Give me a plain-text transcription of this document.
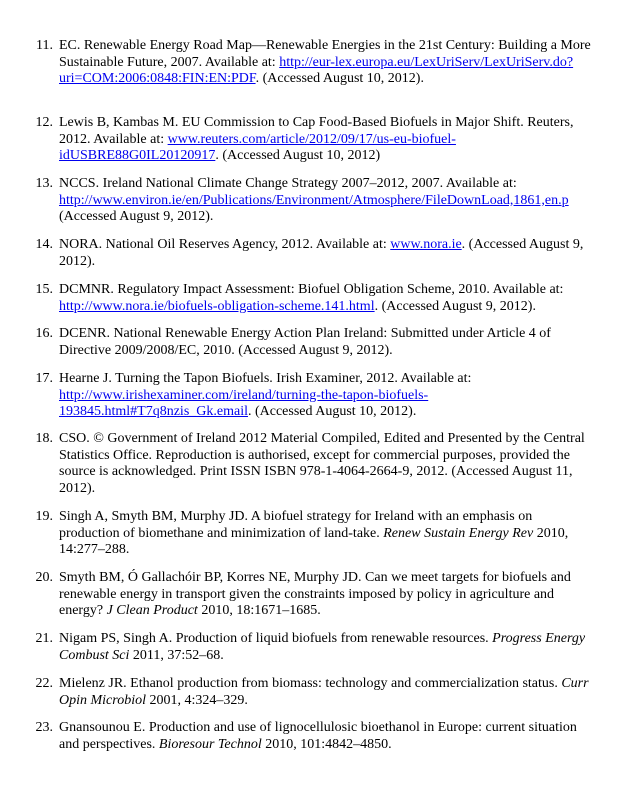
11. EC. Renewable Energy Road Map—Renewable Energies in the 21st Century: Building a More Sustainable Future, 2007. Available at: http://eur-lex.europa.eu/LexUriServ/LexUriServ.do?uri=COM:2006:0848:FIN:EN:PDF. (Accessed August 10, 2012).
12. Lewis B, Kambas M. EU Commission to Cap Food-Based Biofuels in Major Shift. Reuters, 2012. Available at: www.reuters.com/article/2012/09/17/us-eu-biofuel-idUSBRE88G0IL20120917. (Accessed August 10, 2012)
13. NCCS. Ireland National Climate Change Strategy 2007–2012, 2007. Available at:
http://www.environ.ie/en/Publications/Environment/Atmosphere/FileDownLoad,1861,en.p
(Accessed August 9, 2012).
14. NORA. National Oil Reserves Agency, 2012. Available at: www.nora.ie. (Accessed August 9, 2012).
15. DCMNR. Regulatory Impact Assessment: Biofuel Obligation Scheme, 2010. Available at: http://www.nora.ie/biofuels-obligation-scheme.141.html. (Accessed August 9, 2012).
16. DCENR. National Renewable Energy Action Plan Ireland: Submitted under Article 4 of Directive 2009/2008/EC, 2010. (Accessed August 9, 2012).
17. Hearne J. Turning the Tapon Biofuels. Irish Examiner, 2012. Available at: http://www.irishexaminer.com/ireland/turning-the-tapon-biofuels-193845.html#T7q8nzis_Gk.email. (Accessed August 10, 2012).
18. CSO. © Government of Ireland 2012 Material Compiled, Edited and Presented by the Central Statistics Office. Reproduction is authorised, except for commercial purposes, provided the source is acknowledged. Print ISSN ISBN 978-1-4064-2664-9, 2012. (Accessed August 11, 2012).
19. Singh A, Smyth BM, Murphy JD. A biofuel strategy for Ireland with an emphasis on production of biomethane and minimization of land-take. Renew Sustain Energy Rev 2010, 14:277–288.
20. Smyth BM, Ó Gallachóir BP, Korres NE, Murphy JD. Can we meet targets for biofuels and renewable energy in transport given the constraints imposed by policy in agriculture and energy? J Clean Product 2010, 18:1671–1685.
21. Nigam PS, Singh A. Production of liquid biofuels from renewable resources. Progress Energy Combust Sci 2011, 37:52–68.
22. Mielenz JR. Ethanol production from biomass: technology and commercialization status. Curr Opin Microbiol 2001, 4:324–329.
23. Gnansounou E. Production and use of lignocellulosic bioethanol in Europe: current situation and perspectives. Bioresour Technol 2010, 101:4842–4850.
